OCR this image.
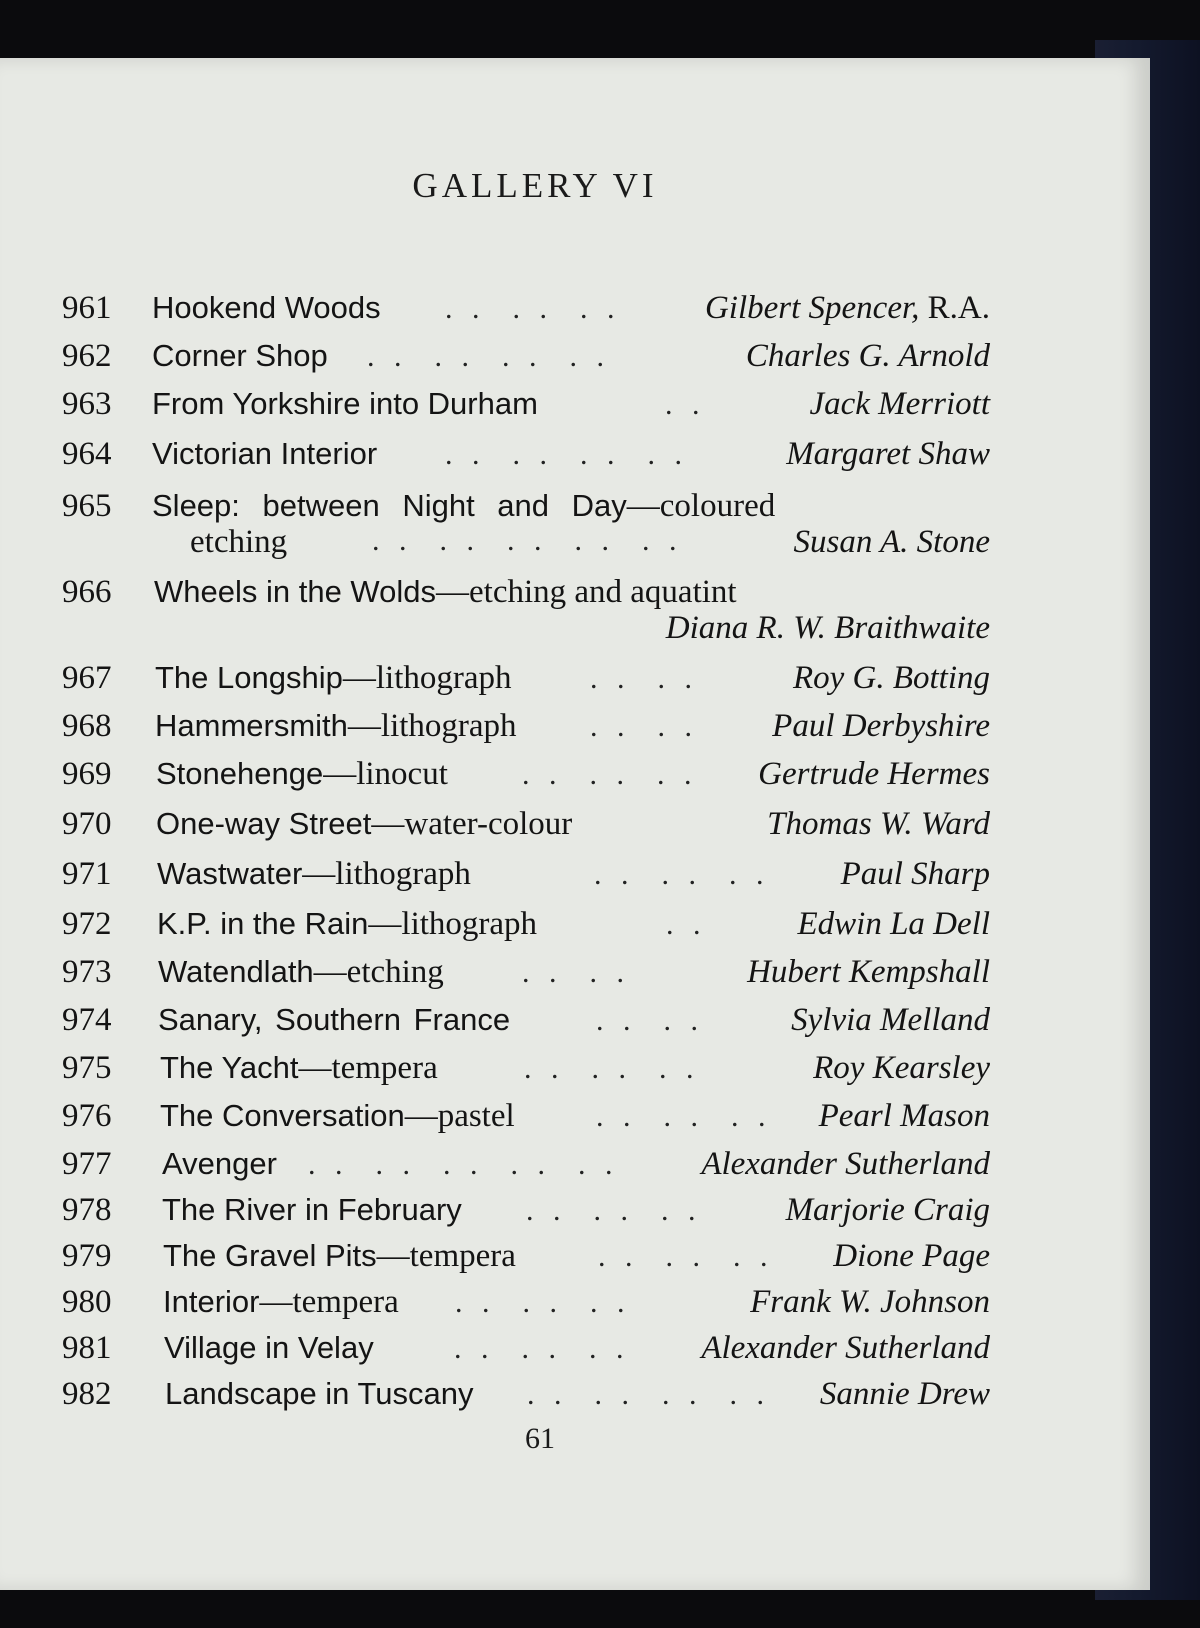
GALLERY VI
961 Hookend Woods . .  . .  . .	Gilbert Spencer, R.A.
962 Corner Shop . .  . .  . .  . .	Charles G. Arnold
963 From Yorkshire into Durham	. .	Jack Merriott
964 Victorian Interior . .  . .  . .  . .	Margaret Shaw
965 Sleep: between Night and Day—coloured
etching	. .  . .  . .  . .  . .	Susan A. Stone
966 Wheels in the Wolds—etching and aquatint
Diana R. W. Braithwaite
967 The Longship—lithograph	. .  . .	Roy G. Botting
968 Hammersmith—lithograph . .  . . Paul Derbyshire
969 Stonehenge—linocut . .  . .  . . Gertrude Hermes
970 One-way Street—water-colour	Thomas W. Ward
971 Wastwater—lithograph	. .  . .  . . Paul Sharp
972 K.P. in the Rain—lithograph	. .	Edwin La Dell
973 Watendlath—etching	. .  . .	Hubert Kempshall
974 Sanary, Southern France	. .  . .	Sylvia Melland
975 The Yacht—tempera	. .  . .  . .	Roy Kearsley
976 The Conversation—pastel	. .  . .  . . Pearl Mason
977 Avenger . .  . .  . .  . .  . .	Alexander Sutherland
978 The River in February . .  . .  . .	Marjorie Craig
979 The Gravel Pits—tempera	. .  . .  . . Dione Page
980 Interior—tempera . .  . .  . .	Frank W. Johnson
981 Village in Velay	. .  . .  . . Alexander Sutherland
982 Landscape in Tuscany . .  . .  . .  . . Sannie Drew
61
